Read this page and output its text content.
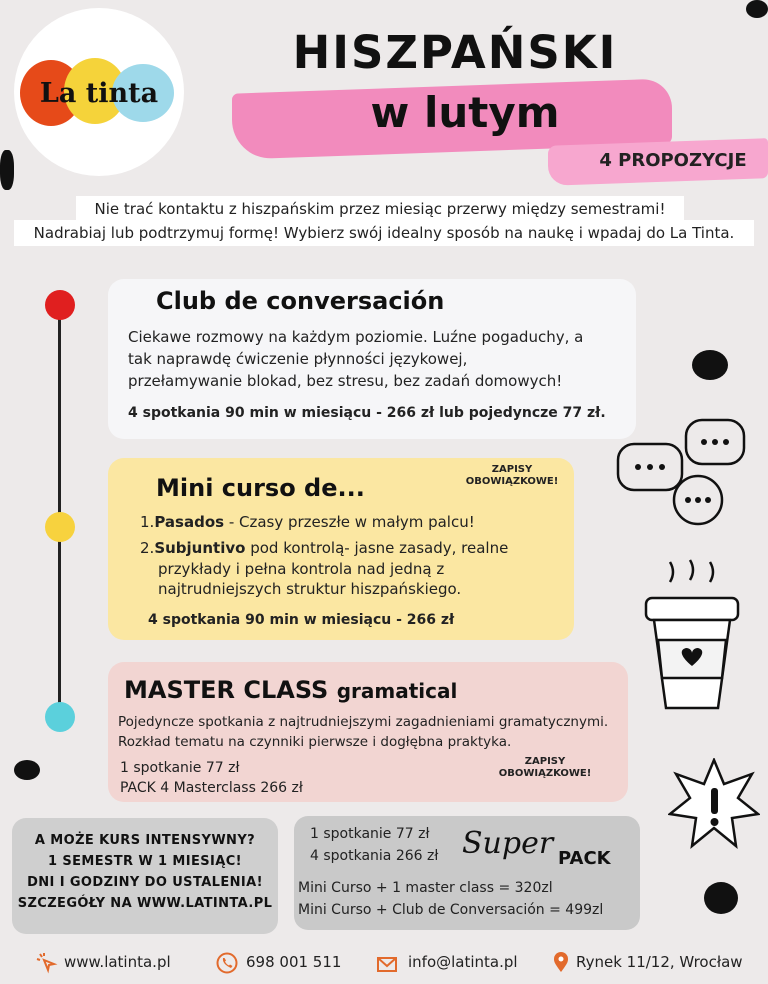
La tinta
HISZPAŃSKI
w lutym
4 PROPOZYCJE
Nie trać kontaktu z hiszpańskim przez miesiąc przerwy między semestrami!
Nadrabiaj lub podtrzymuj formę! Wybierz swój idealny sposób na naukę i wpadaj do La Tinta.
Club de conversación
Ciekawe rozmowy na każdym poziomie. Luźne pogaduchy, a
tak naprawdę ćwiczenie płynności językowej,
przełamywanie blokad, bez stresu, bez zadań domowych!
4 spotkania 90 min w miesiącu - 266 zł lub pojedyncze 77 zł.
Mini curso de...
ZAPISY
OBOWIĄZKOWE!
1.Pasados - Czasy przeszłe w małym palcu!
2.Subjuntivo pod kontrolą- jasne zasady, realne
przykłady i pełna kontrola nad jedną z
najtrudniejszych struktur hiszpańskiego.
4 spotkania 90 min w miesiącu - 266 zł
MASTER CLASS gramatical
Pojedyncze spotkania z najtrudniejszymi zagadnieniami gramatycznymi.
Rozkład tematu na czynniki pierwsze i dogłębna praktyka.
1 spotkanie 77 zł
PACK 4 Masterclass 266 zł
ZAPISY
OBOWIĄZKOWE!
A MOŻE KURS INTENSYWNY?
1 SEMESTR W 1 MIESIĄC!
DNI I GODZINY DO USTALENIA!
SZCZEGÓŁY NA WWW.LATINTA.PL
1 spotkanie 77 zł
4 spotkania 266 zł Super PACK
Mini Curso + 1 master class = 320zl
Mini Curso + Club de Conversación = 499zl
www.latinta.pl	698 001 511	info@latinta.pl	Rynek 11/12, Wrocław
